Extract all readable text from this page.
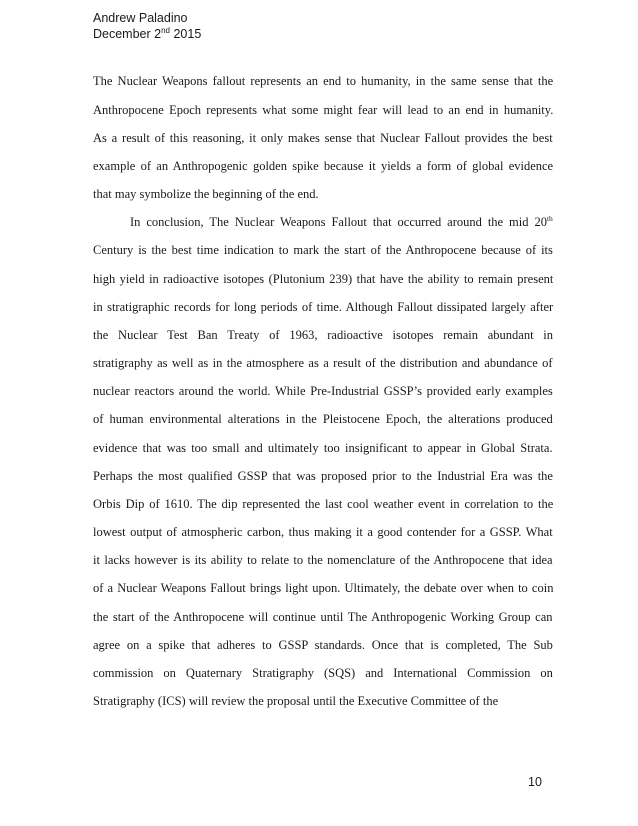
Andrew Paladino
December 2nd 2015
The Nuclear Weapons fallout represents an end to humanity, in the same sense that the
Anthropocene Epoch represents what some might fear will lead to an end in humanity.
As a result of this reasoning, it only makes sense that Nuclear Fallout provides the best
example of an Anthropogenic golden spike because it yields a form of global evidence
that may symbolize the beginning of the end.
In conclusion, The Nuclear Weapons Fallout that occurred around the mid 20th
Century is the best time indication to mark the start of the Anthropocene because of its
high yield in radioactive isotopes (Plutonium 239) that have the ability to remain present
in stratigraphic records for long periods of time. Although Fallout dissipated largely after
the Nuclear Test Ban Treaty of 1963, radioactive isotopes remain abundant in
stratigraphy as well as in the atmosphere as a result of the distribution and abundance of
nuclear reactors around the world. While Pre-Industrial GSSP’s provided early examples
of human environmental alterations in the Pleistocene Epoch, the alterations produced
evidence that was too small and ultimately too insignificant to appear in Global Strata.
Perhaps the most qualified GSSP that was proposed prior to the Industrial Era was the
Orbis Dip of 1610. The dip represented the last cool weather event in correlation to the
lowest output of atmospheric carbon, thus making it a good contender for a GSSP. What
it lacks however is its ability to relate to the nomenclature of the Anthropocene that idea
of a Nuclear Weapons Fallout brings light upon. Ultimately, the debate over when to coin
the start of the Anthropocene will continue until The Anthropogenic Working Group can
agree on a spike that adheres to GSSP standards. Once that is completed, The Sub
commission on Quaternary Stratigraphy (SQS) and International Commission on
Stratigraphy (ICS) will review the proposal until the Executive Committee of the
10
